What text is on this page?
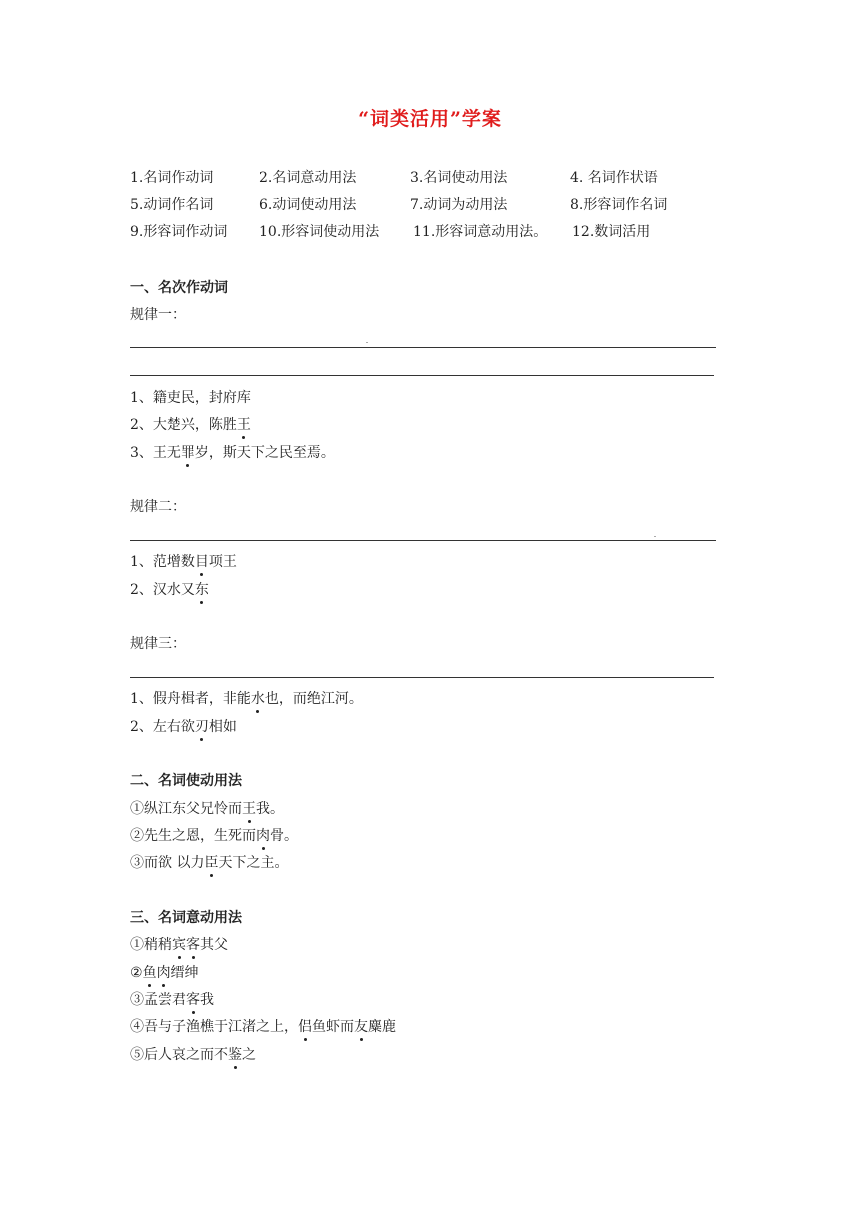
“词类活用”学案
1.名词作动词	2.名词意动用法	3.名词使动用法	4. 名词作状语
5.动词作名词	6.动词使动用法	7.动词为动用法	8.形容词作名词
9.形容词作动词 10.形容词使动用法 11.形容词意动用法。 12.数词活用
一、名次作动词
规律一：
1、籍吏民，封府库
2、大楚兴，陈胜王
3、王无罪岁，斯天下之民至焉。
规律二：
1、范增数目项王
2、汉水又东
规律三：
1、假舟楫者，非能水也，而绝江河。
2、左右欲刃相如
二、名词使动用法
①纵江东父兄怜而王我。
②先生之恩，生死而肉骨。
③而欲 以力臣天下之主。
三、名词意动用法
①稍稍宾客其父
②鱼肉缙绅
③孟尝君客我
④吾与子渔樵于江渚之上，侣鱼虾而友麋鹿
⑤后人哀之而不鉴之
